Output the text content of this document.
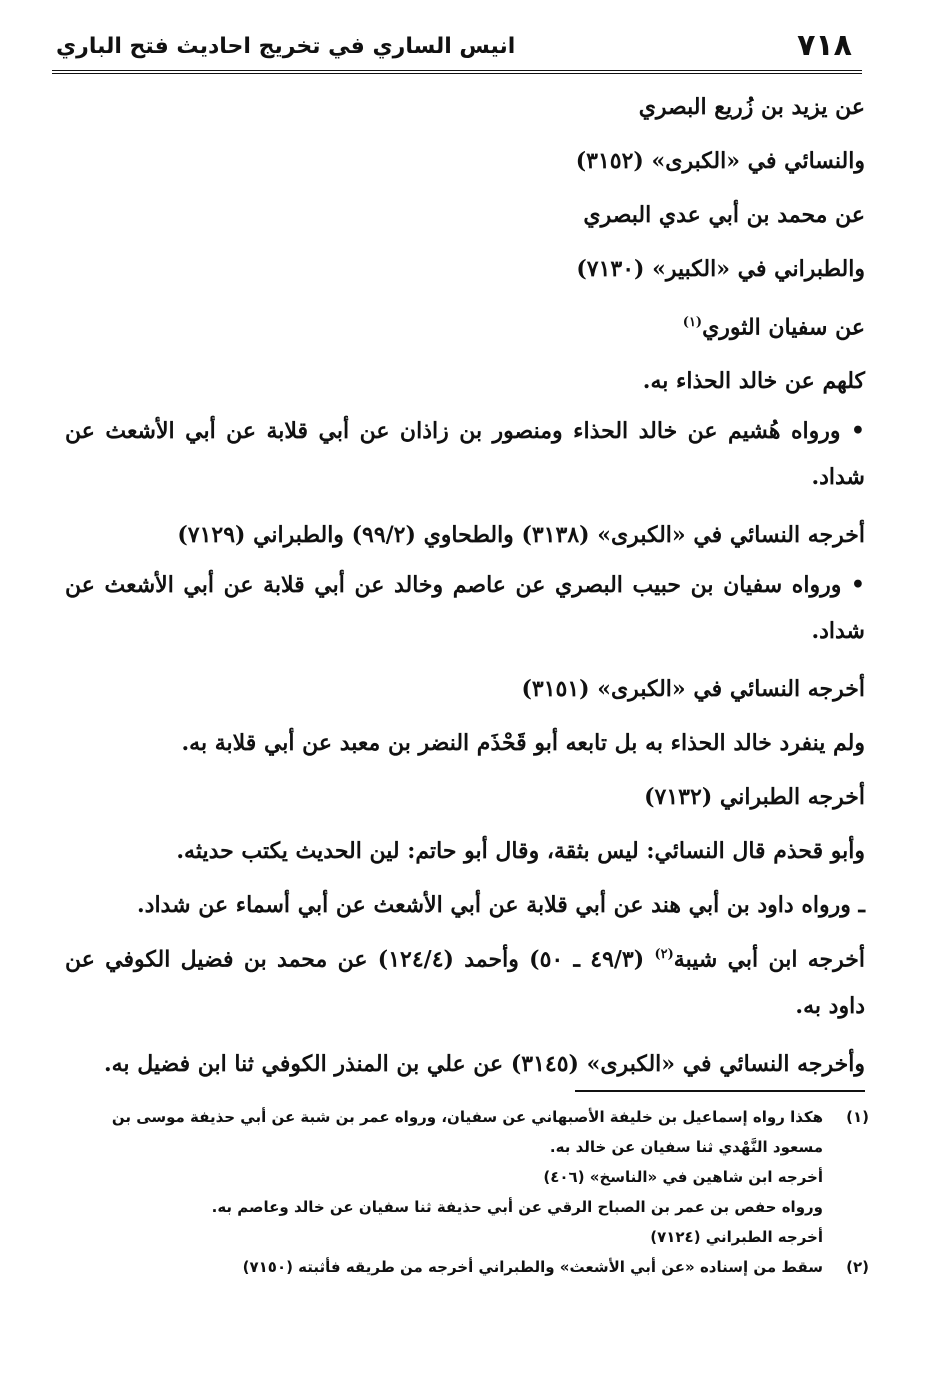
٧١٨
انيس الساري في تخريج احاديث فتح الباري
عن يزيد بن زُريع البصري
والنسائي في «الكبرى» (٣١٥٢)
عن محمد بن أبي عدي البصري
والطبراني في «الكبير» (٧١٣٠)
عن سفيان الثوري$^{(١)}$
كلهم عن خالد الحذاء به.
• ورواه هُشيم عن خالد الحذاء ومنصور بن زاذان عن أبي قلابة عن أبي الأشعث عن شداد.
أخرجه النسائي في «الكبرى» (٣١٣٨) والطحاوي (٩٩/٢) والطبراني (٧١٢٩)
• ورواه سفيان بن حبيب البصري عن عاصم وخالد عن أبي قلابة عن أبي الأشعث عن شداد.
أخرجه النسائي في «الكبرى» (٣١٥١)
ولم ينفرد خالد الحذاء به بل تابعه أبو قَحْذَم النضر بن معبد عن أبي قلابة به.
أخرجه الطبراني (٧١٣٢)
وأبو قحذم قال النسائي: ليس بثقة، وقال أبو حاتم: لين الحديث يكتب حديثه.
ـ ورواه داود بن أبي هند عن أبي قلابة عن أبي الأشعث عن أبي أسماء عن شداد.
أخرجه ابن أبي شيبة$^{(٢)}$ (٤٩/٣ ـ ٥٠) وأحمد (١٢٤/٤) عن محمد بن فضيل الكوفي عن داود به.
وأخرجه النسائي في «الكبرى» (٣١٤٥) عن علي بن المنذر الكوفي ثنا ابن فضيل به.
(١)
هكذا رواه إسماعيل بن خليفة الأصبهاني عن سفيان، ورواه عمر بن شبة عن أبي حذيفة موسى بن مسعود النَّهْدي ثنا سفيان عن خالد به.
أخرجه ابن شاهين في «الناسخ» (٤٠٦)
ورواه حفص بن عمر بن الصباح الرقي عن أبي حذيفة ثنا سفيان عن خالد وعاصم به.
أخرجه الطبراني (٧١٢٤)
(٢)
سقط من إسناده «عن أبي الأشعث» والطبراني أخرجه من طريقه فأثبته (٧١٥٠)
